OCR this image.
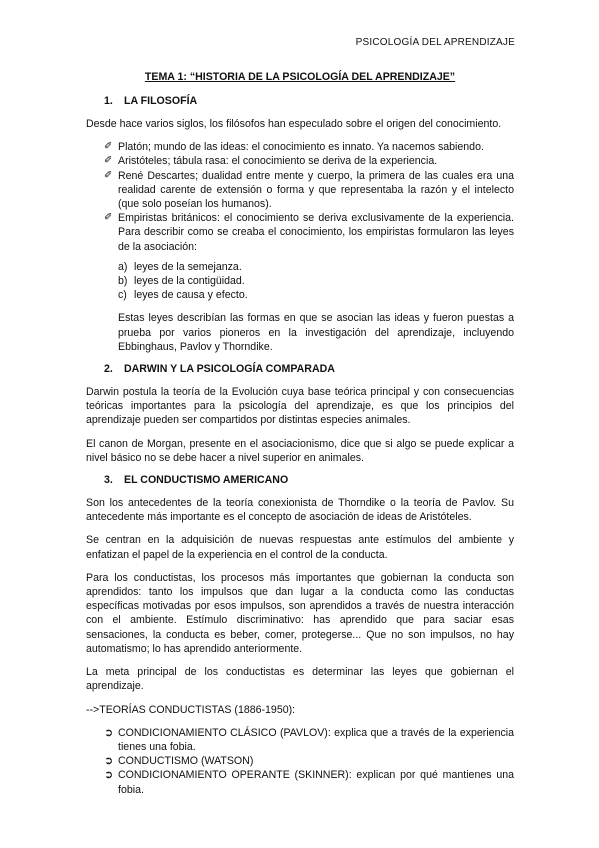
PSICOLOGÍA DEL APRENDIZAJE
TEMA 1: “HISTORIA DE LA PSICOLOGÍA DEL APRENDIZAJE”
1.	LA FILOSOFÍA

Desde hace varios siglos, los filósofos han especulado sobre el origen del conocimiento.

✐ Platón; mundo de las ideas: el conocimiento es innato. Ya nacemos sabiendo.
✐ Aristóteles; tábula rasa: el conocimiento se deriva de la experiencia.
✐ René Descartes; dualidad entre mente y cuerpo, la primera de las cuales era una realidad carente de extensión o forma y que representaba la razón y el intelecto (que solo poseían los humanos).
✐ Empiristas británicos: el conocimiento se deriva exclusivamente de la experiencia. Para describir como se creaba el conocimiento, los empiristas formularon las leyes de la asociación:
a) leyes de la semejanza.
b) leyes de la contigüidad.
c) leyes de causa y efecto.

Estas leyes describían las formas en que se asocian las ideas y fueron puestas a prueba por varios pioneros en la investigación del aprendizaje, incluyendo Ebbinghaus, Pavlov y Thorndike.

2.	DARWIN Y LA PSICOLOGÍA COMPARADA

Darwin postula la teoría de la Evolución cuya base teórica principal y con consecuencias teóricas importantes para la psicología del aprendizaje, es que los principios del aprendizaje pueden ser compartidos por distintas especies animales.

El canon de Morgan, presente en el asociacionismo, dice que si algo se puede explicar a nivel básico no se debe hacer a nivel superior en animales.

3.	EL CONDUCTISMO AMERICANO

Son los antecedentes de la teoría conexionista de Thorndike o la teoría de Pavlov. Su antecedente más importante es el concepto de asociación de ideas de Aristóteles.

Se centran en la adquisición de nuevas respuestas ante estímulos del ambiente y enfatizan el papel de la experiencia en el control de la conducta.

Para los conductistas, los procesos más importantes que gobiernan la conducta son aprendidos: tanto los impulsos que dan lugar a la conducta como las conductas específicas motivadas por esos impulsos, son aprendidos a través de nuestra interacción con el ambiente. Estímulo discriminativo: has aprendido que para saciar esas sensaciones, la conducta es beber, comer, protegerse... Que no son impulsos, no hay automatismo; lo has aprendido anteriormente.

La meta principal de los conductistas es determinar las leyes que gobiernan el aprendizaje.

-->TEORÍAS CONDUCTISTAS (1886-1950):

➲ CONDICIONAMIENTO CLÁSICO (PAVLOV): explica que a través de la experiencia tienes una fobia.
➲ CONDUCTISMO (WATSON)
➲ CONDICIONAMIENTO OPERANTE (SKINNER): explican por qué mantienes una fobia.
